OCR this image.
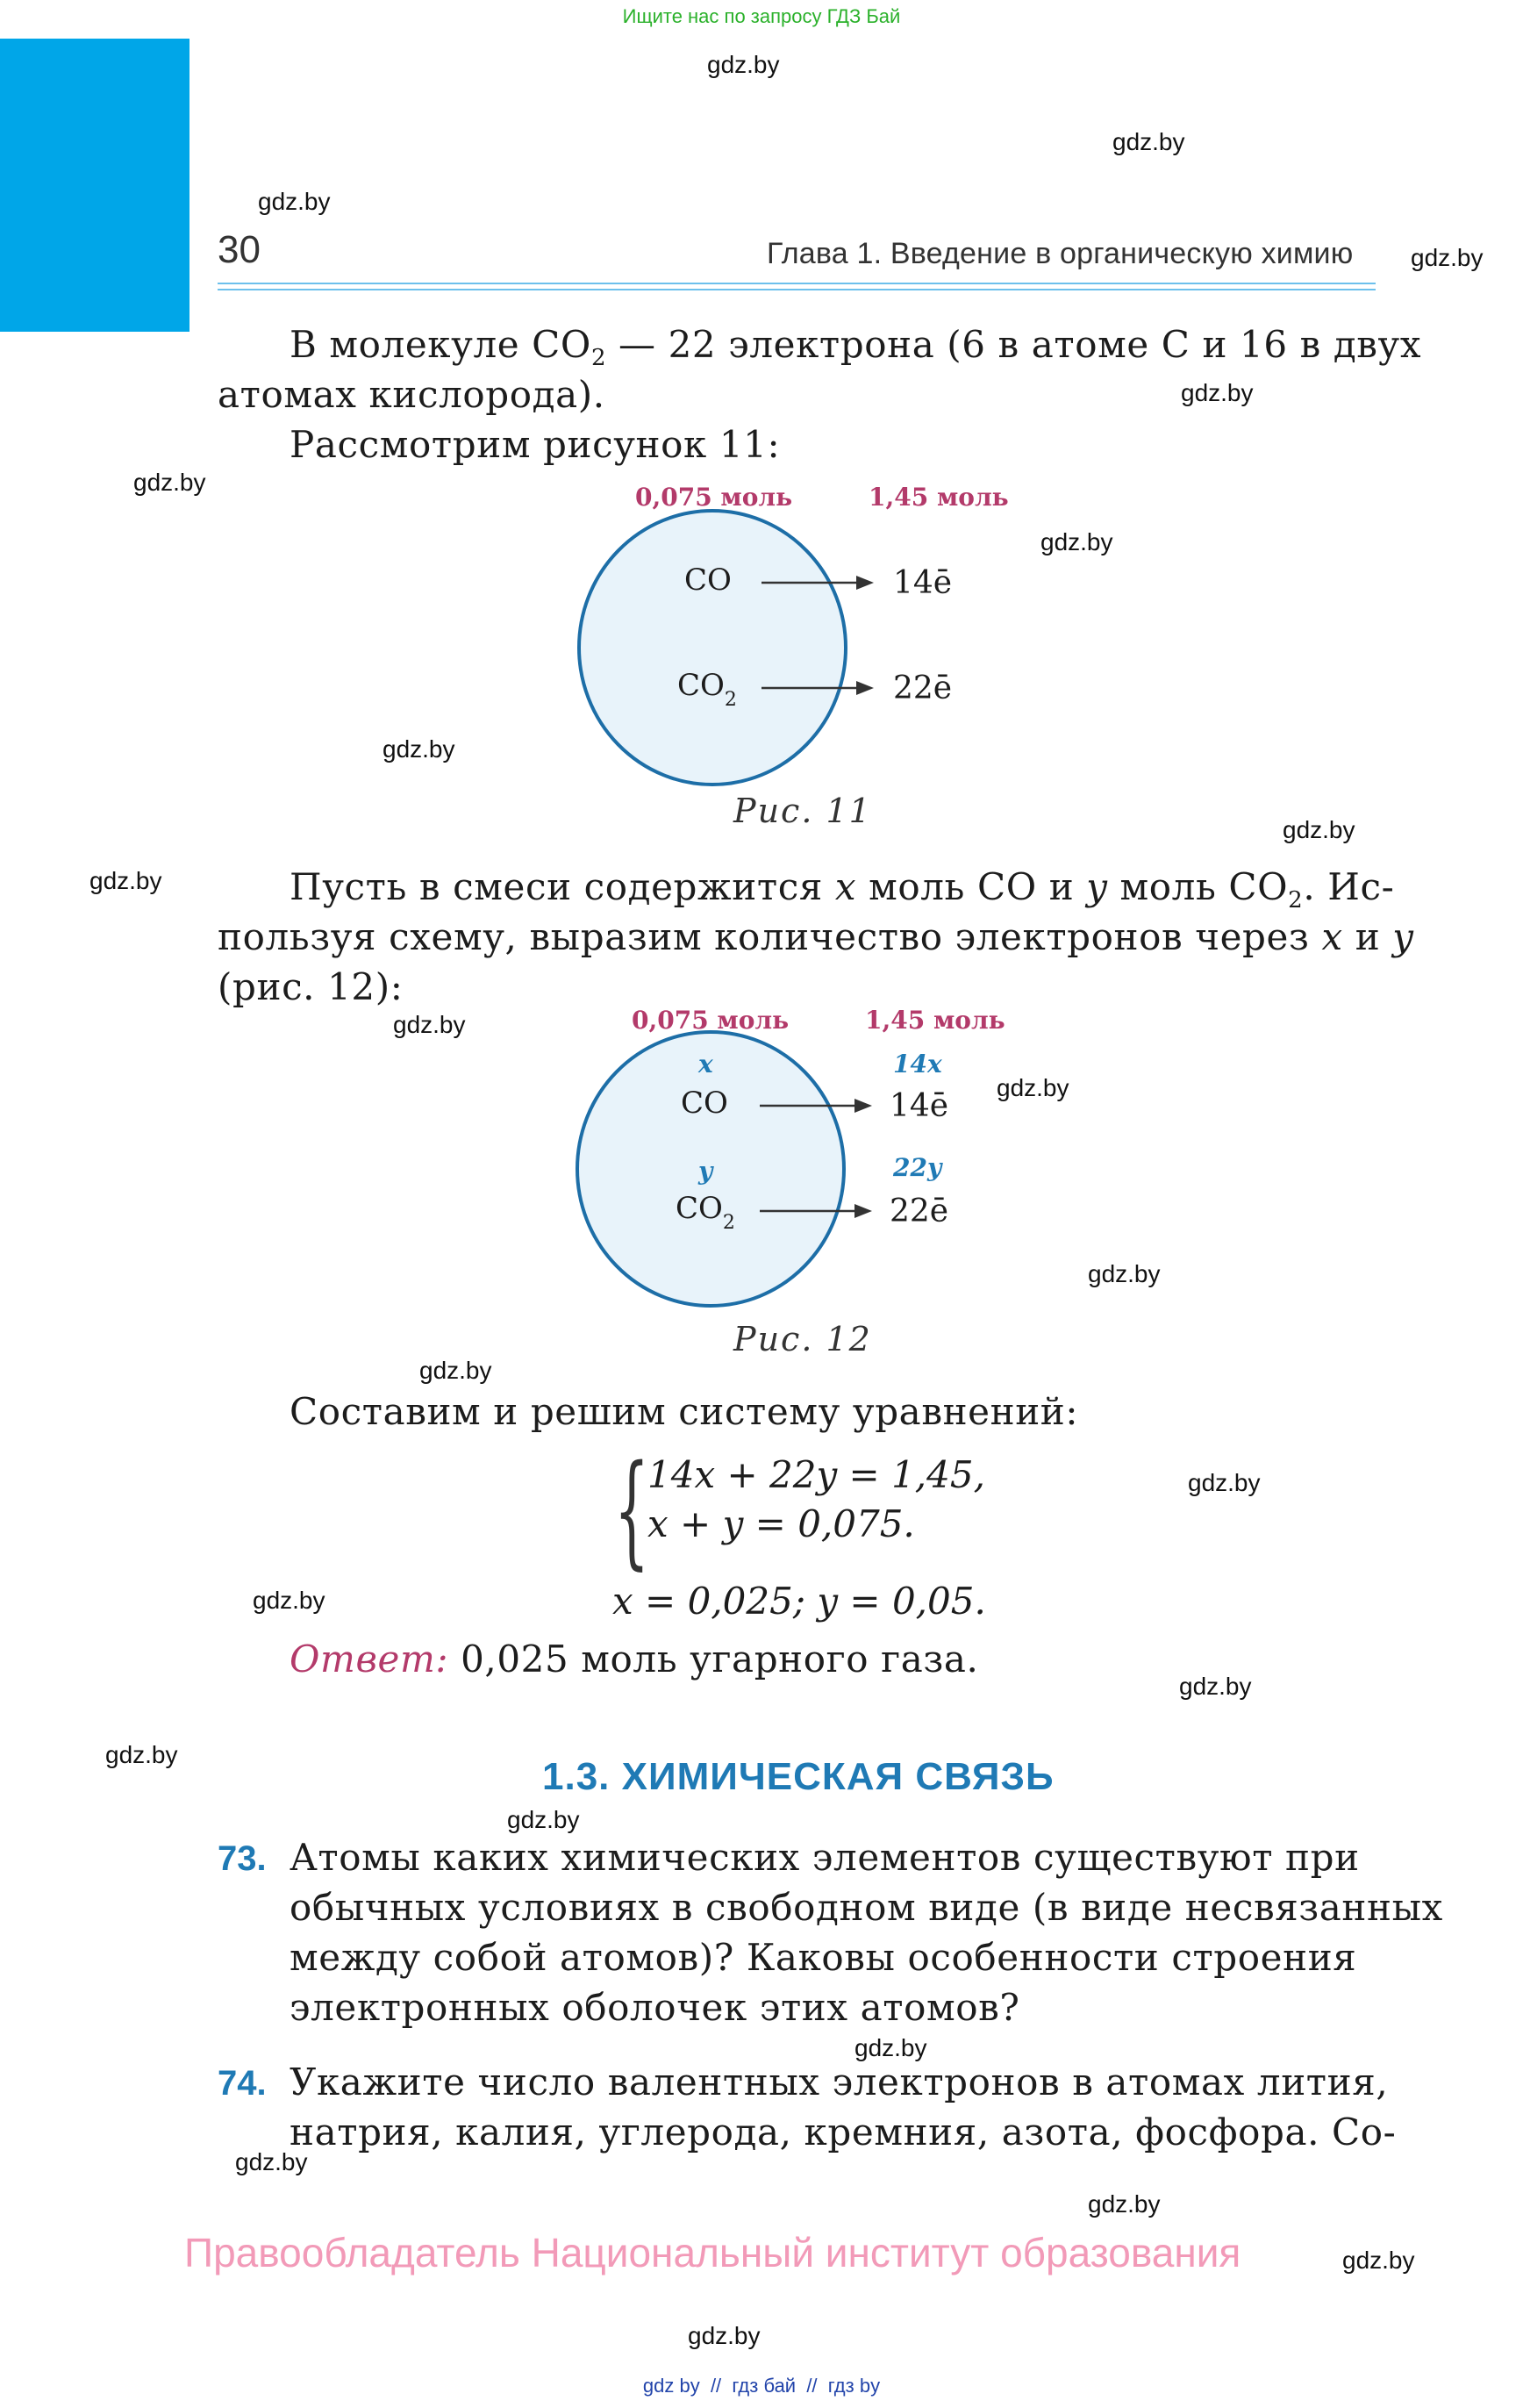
Ищите нас по запросу ГДЗ Бай
30	Глава 1. Введение в органическую химию
В молекуле $CO_2$ — 22 электрона (6 в атоме С и 16 в двух
атомах кислорода).
Рассмотрим рисунок 11:
0,075 моль	1,45 моль
CO	14ē
$CO_2$	22ē
Рис. 11
Пусть в смеси содержится x моль CO и y моль $CO_2$. Ис-
пользуя схему, выразим количество электронов через x и y
(рис. 12):
0,075 моль	1,45 моль
x	14x
CO	14ē
y	22y
$CO_2$	22ē
Рис. 12
Составим и решим систему уравнений:
{
14x + 22y = 1,45,
x + y = 0,075.
x = 0,025; y = 0,05.
Ответ: 0,025 моль угарного газа.
1.3. ХИМИЧЕСКАЯ СВЯЗЬ
73. Атомы каких химических элементов существуют при
обычных условиях в свободном виде (в виде несвязанных
между собой атомов)? Каковы особенности строения
электронных оболочек этих атомов?
74. Укажите число валентных электронов в атомах лития,
натрия, калия, углерода, кремния, азота, фосфора. Со-
Правообладатель Национальный институт образования
gdz by  //  гдз бай  //  гдз by
gdz.by
gdz.by
gdz.by
gdz.by
gdz.by
gdz.by
gdz.by
gdz.by
gdz.by
gdz.by
gdz.by
gdz.by
gdz.by
gdz.by
gdz.by
gdz.by
gdz.by
gdz.by
gdz.by
gdz.by
gdz.by
gdz.by
gdz.by
gdz.by
